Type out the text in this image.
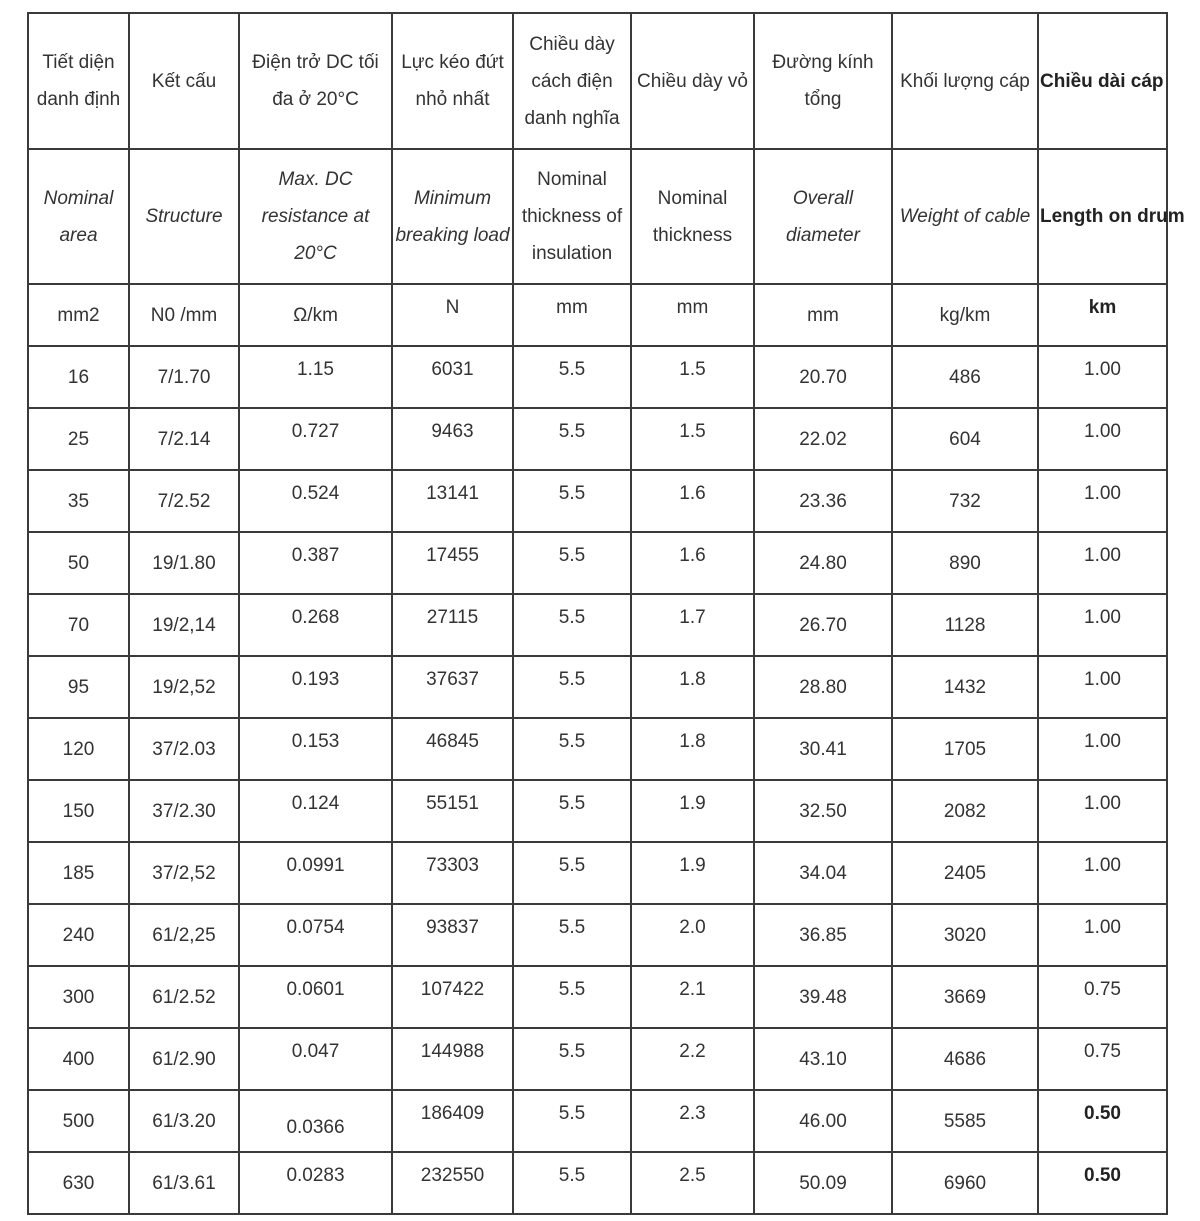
Tiết diện danh định	Kết cấu	Điện trở DC tối đa ở 20°C	Lực kéo đứt nhỏ nhất	Chiều dày cách điện danh nghĩa	Chiều dày vỏ	Đường kính tổng	Khối lượng cáp	Chiều dài cáp
Nominal area	Structure	Max. DC resistance at 20°C	Minimum breaking load	Nominal thickness of insulation	Nominal thickness	Overall diameter	Weight of cable	Length on drum
mm2	N0 /mm	Ω/km	N	mm	mm	mm	kg/km	km
16	7/1.70	1.15	6031	5.5	1.5	20.70	486	1.00
25	7/2.14	0.727	9463	5.5	1.5	22.02	604	1.00
35	7/2.52	0.524	13141	5.5	1.6	23.36	732	1.00
50	19/1.80	0.387	17455	5.5	1.6	24.80	890	1.00
70	19/2,14	0.268	27115	5.5	1.7	26.70	1128	1.00
95	19/2,52	0.193	37637	5.5	1.8	28.80	1432	1.00
120	37/2.03	0.153	46845	5.5	1.8	30.41	1705	1.00
150	37/2.30	0.124	55151	5.5	1.9	32.50	2082	1.00
185	37/2,52	0.0991	73303	5.5	1.9	34.04	2405	1.00
240	61/2,25	0.0754	93837	5.5	2.0	36.85	3020	1.00
300	61/2.52	0.0601	107422	5.5	2.1	39.48	3669	0.75
400	61/2.90	0.047	144988	5.5	2.2	43.10	4686	0.75
500	61/3.20	0.0366	186409	5.5	2.3	46.00	5585	0.50
630	61/3.61	0.0283	232550	5.5	2.5	50.09	6960	0.50
